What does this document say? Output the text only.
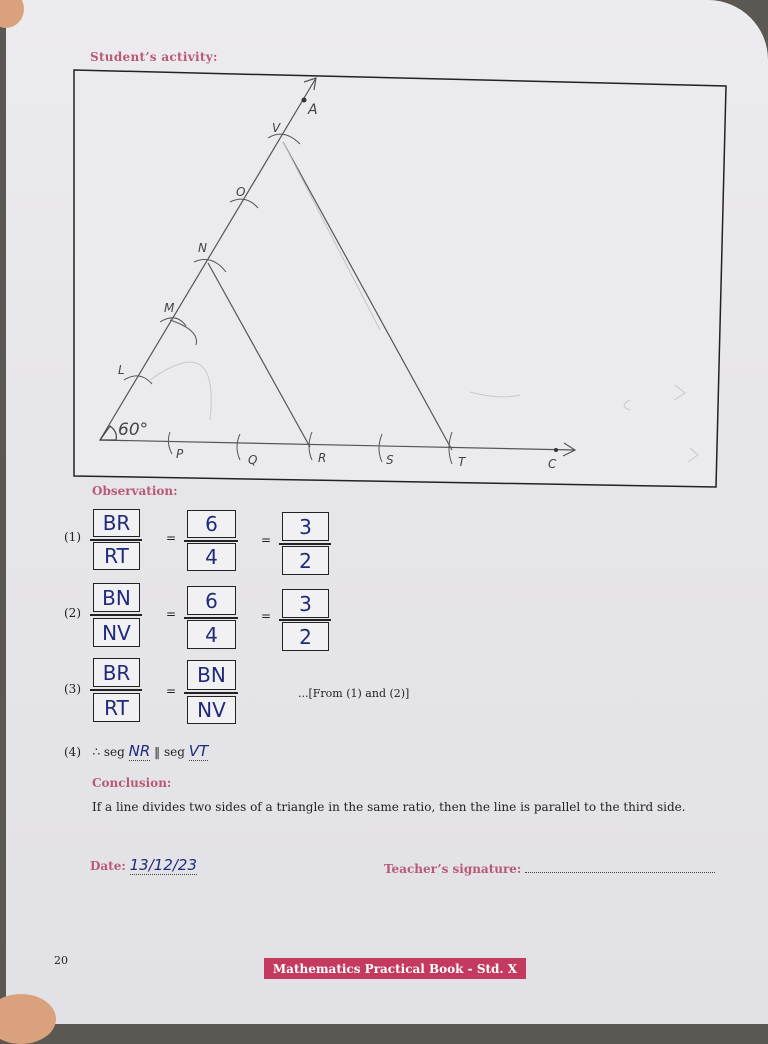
Student’s activity:
60°
A
V
O
N
M
L
P	Q	R	S	T	C
Observation:
(1)
BR
RT
=
6
4
=
3
2
(2)
BN
NV
=
6
4
=
3
2
(3)
BR
RT
=
BN
NV
...[From (1) and (2)]
(4) ∴ seg NR ‖ seg VT
Conclusion:
If a line divides two sides of a triangle in the same ratio, then the line is parallel to the third side.
Date: 13/12/23	Teacher’s signature:
20
Mathematics Practical Book - Std. X
